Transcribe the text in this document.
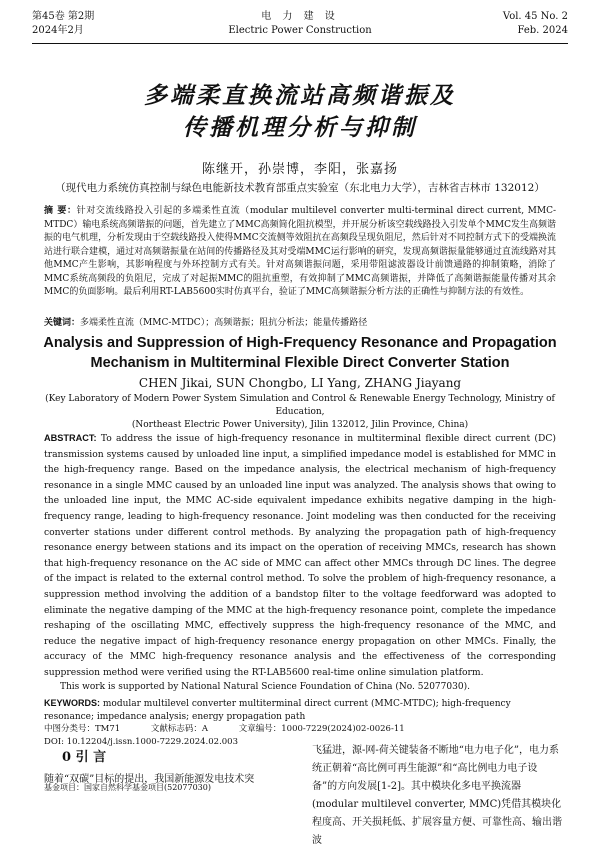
第45卷 第2期
2024年2月
电 力 建 设
Electric Power Construction
Vol. 45 No. 2
Feb. 2024
多端柔直换流站高频谐振及
传播机理分析与抑制
陈继开，孙崇博，李阳，张嘉扬
（现代电力系统仿真控制与绿色电能新技术教育部重点实验室（东北电力大学），吉林省吉林市 132012）
摘 要：针对交流线路投入引起的多端柔性直流（modular multilevel converter multi-terminal direct current, MMC-MTDC）输电系统高频谐振的问题，首先建立了MMC高频简化阻抗模型，并开展分析该空载线路投入引发单个MMC发生高频谐振的电气机理，分析发现由于空载线路投入使得MMC交流侧等效阻抗在高频段呈现负阻尼，然后针对不同控制方式下的受端换流站进行联合建模，通过对高频谐振量在站间的传播路径及其对受端MMC运行影响的研究，发现高频谐振量能够通过直流线路对其他MMC产生影响，其影响程度与外环控制方式有关。针对高频谐振问题，采用带阻滤波器设计前馈通路的抑制策略，消除了MMC系统高频段的负阻尼，完成了对起振MMC的阻抗重塑，有效抑制了MMC高频谐振，并降低了高频谐振能量传播对其余MMC的负面影响。最后利用RT-LAB5600实时仿真平台，验证了MMC高频谐振分析方法的正确性与抑制方法的有效性。
关键词：多端柔性直流（MMC-MTDC）；高频谐振；阻抗分析法；能量传播路径
Analysis and Suppression of High-Frequency Resonance and Propagation
Mechanism in Multiterminal Flexible Direct Converter Station
CHEN Jikai, SUN Chongbo, LI Yang, ZHANG Jiayang
(Key Laboratory of Modern Power System Simulation and Control & Renewable Energy Technology, Ministry of Education,
(Northeast Electric Power University), Jilin 132012, Jilin Province, China)
ABSTRACT: To address the issue of high-frequency resonance in multiterminal flexible direct current (DC) transmission systems caused by unloaded line input, a simplified impedance model is established for MMC in the high-frequency range. Based on the impedance analysis, the electrical mechanism of high-frequency resonance in a single MMC caused by an unloaded line input was analyzed. The analysis shows that owing to the unloaded line input, the MMC AC-side equivalent impedance exhibits negative damping in the high-frequency range, leading to high-frequency resonance. Joint modeling was then conducted for the receiving converter stations under different control methods. By analyzing the propagation path of high-frequency resonance energy between stations and its impact on the operation of receiving MMCs, research has shown that high-frequency resonance on the AC side of MMC can affect other MMCs through DC lines. The degree of the impact is related to the external control method. To solve the problem of high-frequency resonance, a suppression method involving the addition of a bandstop filter to the voltage feedforward was adopted to eliminate the negative damping of the MMC at the high-frequency resonance point, complete the impedance reshaping of the oscillating MMC, effectively suppress the high-frequency resonance of the MMC, and reduce the negative impact of high-frequency resonance energy propagation on other MMCs. Finally, the accuracy of the MMC high-frequency resonance analysis and the effectiveness of the corresponding suppression method were verified using the RT-LAB5600 real-time online simulation platform.
This work is supported by National Natural Science Foundation of China (No. 52077030).
KEYWORDS: modular multilevel converter multiterminal direct current (MMC-MTDC); high-frequency resonance; impedance analysis; energy propagation path
中图分类号：TM71	文献标志码：A	文章编号：1000-7229(2024)02-0026-11
DOI: 10.12204/j.issn.1000-7229.2024.02.003
0 引 言	飞猛进，源-网-荷关键装备不断地“电力电子化”，电力系统正朝着“高比例可再生能源”和“高比例电力电子设备”的方向发展[1-2]。其中模块化多电平换流器(modular multilevel converter, MMC)凭借其模块化程度高、开关损耗低、扩展容量方便、可靠性高、输出谐波
随着“双碳”目标的提出，我国新能源发电技术突
基金项目：国家自然科学基金项目(52077030)
